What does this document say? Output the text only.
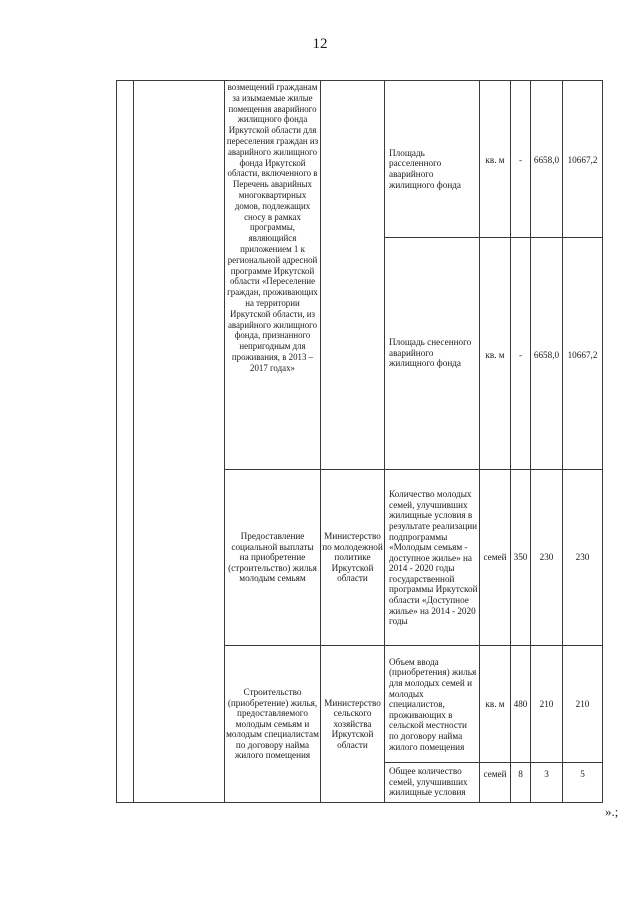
12
возмещений гражданам за изымаемые жилые помещения аварийного жилищного фонда Иркутской области для переселения граждан из аварийного жилищного фонда Иркутской области, включенного в Перечень аварийных многоквартирных домов, подлежащих сносу в рамках программы, являющийся приложением 1 к региональной адресной программе Иркутской области «Переселение граждан, проживающих на территории Иркутской области, из аварийного жилищного фонда, признанного непригодным для проживания, в 2013 – 2017 годах»
Площадь расселенного аварийного жилищного фонда
кв. м - 6658,0 10667,2
Площадь снесенного аварийного жилищного фонда
кв. м - 6658,0 10667,2
Предоставление социальной выплаты на приобретение (строительство) жилья молодым семьям
Министерство по молодежной политике Иркутской области
Количество молодых семей, улучшивших жилищные условия в результате реализации подпрограммы «Молодым семьям - доступное жилье» на 2014 - 2020 годы государственной программы Иркутской области «Доступное жилье» на 2014 - 2020 годы
семей 350 230 230
Строительство (приобретение) жилья, предоставляемого молодым семьям и молодым специалистам по договору найма жилого помещения
Министерство сельского хозяйства Иркутской области
Объем ввода (приобретения) жилья для молодых семей и молодых специалистов, проживающих в сельской местности по договору найма жилого помещения
кв. м 480 210 210
Общее количество семей, улучшивших жилищные условия
семей 8 3	5
».;
